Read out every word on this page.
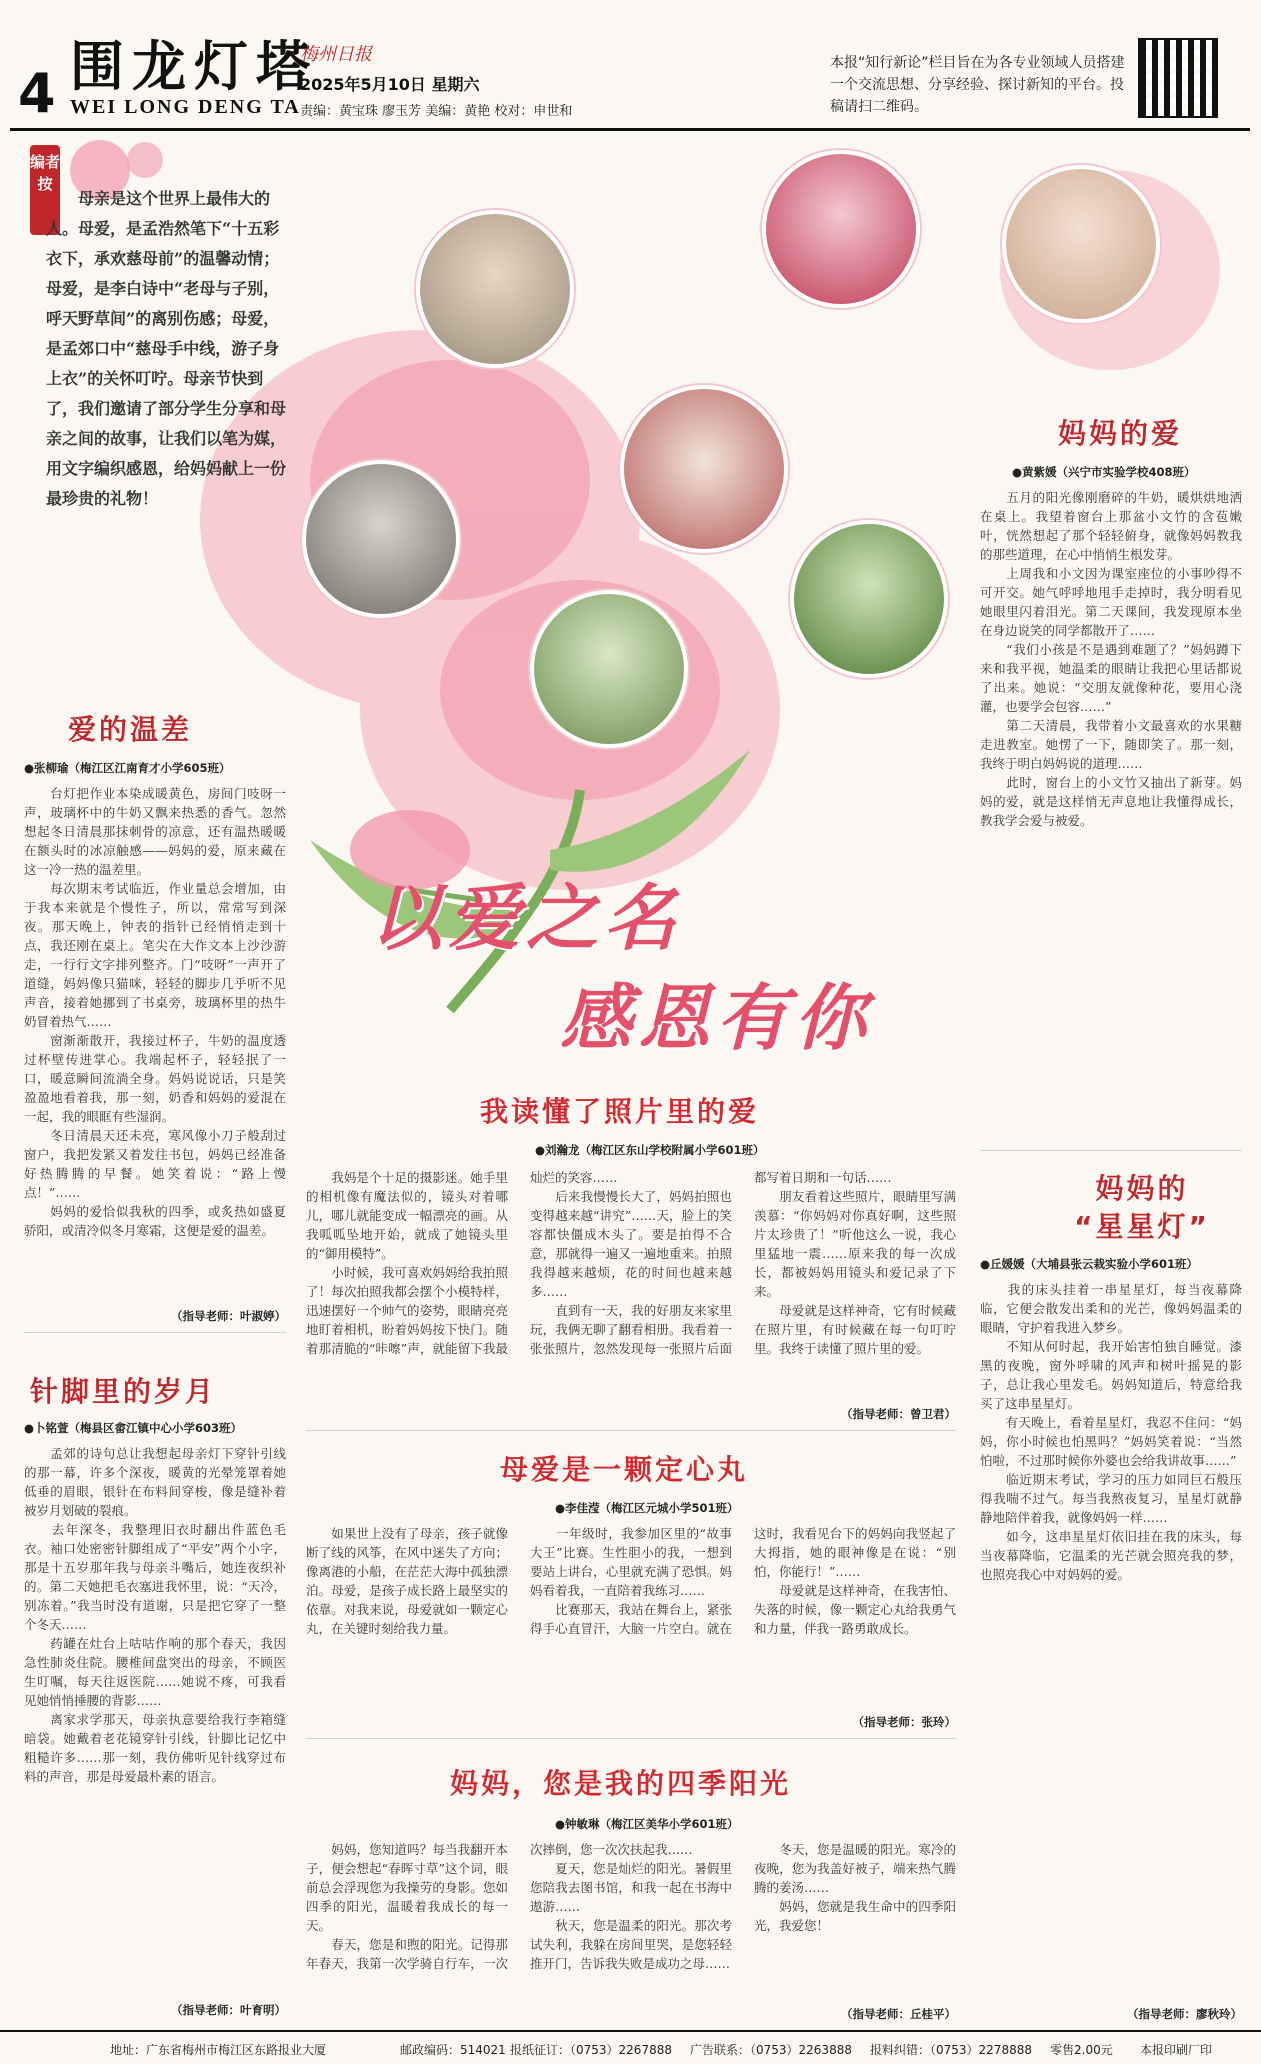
4 围龙灯塔
WEI LONG DENG TA
梅州日报
2025年5月10日 星期六
责编：黄宝珠 廖玉芳 美编：黄艳 校对：申世和
本报“知行新论”栏目旨在为各专业领域人员搭建一个交流思想、分享经验、探讨新知的平台。投稿请扫二维码。
编者按
母亲是这个世界上最伟大的人。母爱，是孟浩然笔下“十五彩衣下，承欢慈母前”的温馨动情；母爱，是李白诗中“老母与子别，呼天野草间”的离别伤感；母爱，是孟郊口中“慈母手中线，游子身上衣”的关怀叮咛。母亲节快到了，我们邀请了部分学生分享和母亲之间的故事，让我们以笔为媒，用文字编织感恩，给妈妈献上一份最珍贵的礼物！
以爱之名
感恩有你
爱的温差
●张柳瑜（梅江区江南育才小学605班）
　　台灯把作业本染成暖黄色，房间门吱呀一声，玻璃杯中的牛奶又飘来热悉的香气。忽然想起冬日清晨那抹刺骨的凉意，还有温热暖暖在额头时的冰凉触感——妈妈的爱，原来藏在这一冷一热的温差里。
　　每次期末考试临近，作业量总会增加，由于我本来就是个慢性子，所以，常常写到深夜。那天晚上，钟表的指针已经悄悄走到十点，我还刚在桌上。笔尖在大作文本上沙沙游走，一行行文字排列整齐。门“吱呀”一声开了道缝，妈妈像只猫咪，轻轻的脚步几乎听不见声音，接着她挪到了书桌旁，玻璃杯里的热牛奶冒着热气……
　　窗渐渐散开，我接过杯子，牛奶的温度透过杯壁传进掌心。我端起杯子，轻轻抿了一口，暖意瞬间流淌全身。妈妈说说话，只是笑盈盈地看着我，那一刻，奶香和妈妈的爱混在一起，我的眼眶有些湿润。
　　冬日清晨天还未亮，寒风像小刀子般刮过窗户，我把发紧又着发往书包，妈妈已经准备好热腾腾的早餐。她笑着说：“路上慢点！”……
　　妈妈的爱恰似我秋的四季，或炙热如盛夏骄阳，或清冷似冬月寒霜，这便是爱的温差。
（指导老师：叶淑婷）
针脚里的岁月
●卜铭萱（梅县区畲江镇中心小学603班）
　　孟郊的诗句总让我想起母亲灯下穿针引线的那一幕，许多个深夜，暖黄的光晕笼罩着她低垂的眉眼，银针在布料间穿梭，像是缝补着被岁月划破的裂痕。
　　去年深冬，我整理旧衣时翻出件蓝色毛衣。袖口处密密针脚组成了“平安”两个小字，那是十五岁那年我与母亲斗嘴后，她连夜织补的。第二天她把毛衣塞进我怀里，说：“天冷，别冻着。”我当时没有道谢，只是把它穿了一整个冬天……
　　药罐在灶台上咕咕作响的那个春天，我因急性肺炎住院。腰椎间盘突出的母亲，不顾医生叮嘱，每天往返医院……她说不疼，可我看见她悄悄捶腰的背影……
　　离家求学那天，母亲执意要给我行李箱缝暗袋。她戴着老花镜穿针引线，针脚比记忆中粗糙许多……那一刻，我仿佛听见针线穿过布料的声音，那是母爱最朴素的语言。
（指导老师：叶育明）
我读懂了照片里的爱
●刘瀚龙（梅江区东山学校附属小学601班）
　　我妈是个十足的摄影迷。她手里的相机像有魔法似的，镜头对着哪儿，哪儿就能变成一幅漂亮的画。从我呱呱坠地开始，就成了她镜头里的“御用模特”。
　　小时候，我可喜欢妈妈给我拍照了！每次拍照我都会摆个小模特样，迅速摆好一个帅气的姿势，眼睛亮亮地盯着相机，盼着妈妈按下快门。随着那清脆的“咔嚓”声，就能留下我最灿烂的笑容……
　　后来我慢慢长大了，妈妈拍照也变得越来越“讲究”……天，脸上的笑容都快僵成木头了。要是拍得不合意，那就得一遍又一遍地重来。拍照我得越来越烦，花的时间也越来越多……
　　直到有一天，我的好朋友来家里玩，我俩无聊了翻看相册。我看着一张张照片，忽然发现每一张照片后面都写着日期和一句话……
　　朋友看着这些照片，眼睛里写满羡慕：“你妈妈对你真好啊，这些照片太珍贵了！”听他这么一说，我心里猛地一震……原来我的每一次成长，都被妈妈用镜头和爱记录了下来。
　　母爱就是这样神奇，它有时候藏在照片里，有时候藏在每一句叮咛里。我终于读懂了照片里的爱。
（指导老师：曾卫君）
母爱是一颗定心丸
●李佳滢（梅江区元城小学501班）
　　如果世上没有了母亲，孩子就像断了线的风筝，在风中迷失了方向；像离港的小船，在茫茫大海中孤独漂泊。母爱，是孩子成长路上最坚实的依靠。对我来说，母爱就如一颗定心丸，在关键时刻给我力量。
　　一年级时，我参加区里的“故事大王”比赛。生性胆小的我，一想到要站上讲台，心里就充满了恐惧。妈妈看着我，一直陪着我练习……
　　比赛那天，我站在舞台上，紧张得手心直冒汗，大脑一片空白。就在这时，我看见台下的妈妈向我竖起了大拇指，她的眼神像是在说：“别怕，你能行！”……
　　母爱就是这样神奇，在我害怕、失落的时候，像一颗定心丸给我勇气和力量，伴我一路勇敢成长。
（指导老师：张玲）
妈妈，您是我的四季阳光
●钟敏琳（梅江区美华小学601班）
　　妈妈，您知道吗？每当我翻开本子，便会想起“春晖寸草”这个词，眼前总会浮现您为我操劳的身影。您如四季的阳光，温暖着我成长的每一天。
　　春天，您是和煦的阳光。记得那年春天，我第一次学骑自行车，一次次摔倒，您一次次扶起我……
　　夏天，您是灿烂的阳光。暑假里您陪我去图书馆，和我一起在书海中遨游……
　　秋天，您是温柔的阳光。那次考试失利，我躲在房间里哭，是您轻轻推开门，告诉我失败是成功之母……
　　冬天，您是温暖的阳光。寒冷的夜晚，您为我盖好被子，端来热气腾腾的姜汤……
　　妈妈，您就是我生命中的四季阳光，我爱您！
（指导老师：丘桂平）
妈妈的爱
●黄紫媛（兴宁市实验学校408班）
　　五月的阳光像刚磨碎的牛奶，暖烘烘地洒在桌上。我望着窗台上那盆小文竹的含苞嫩叶，恍然想起了那个轻轻俯身，就像妈妈教我的那些道理，在心中悄悄生根发芽。
　　上周我和小文因为课室座位的小事吵得不可开交。她气呼呼地甩手走掉时，我分明看见她眼里闪着泪光。第二天课间，我发现原本坐在身边说笑的同学都散开了……
　　“我们小孩是不是遇到难题了？”妈妈蹲下来和我平视，她温柔的眼睛让我把心里话都说了出来。她说：“交朋友就像种花，要用心浇灌，也要学会包容……”
　　第二天清晨，我带着小文最喜欢的水果糖走进教室。她愣了一下，随即笑了。那一刻，我终于明白妈妈说的道理……
　　此时，窗台上的小文竹又抽出了新芽。妈妈的爱，就是这样悄无声息地让我懂得成长，教我学会爱与被爱。
妈妈的
“星星灯”
●丘媛媛（大埔县张云栽实验小学601班）
　　我的床头挂着一串星星灯，每当夜幕降临，它便会散发出柔和的光芒，像妈妈温柔的眼睛，守护着我进入梦乡。
　　不知从何时起，我开始害怕独自睡觉。漆黑的夜晚，窗外呼啸的风声和树叶摇晃的影子，总让我心里发毛。妈妈知道后，特意给我买了这串星星灯。
　　有天晚上，看着星星灯，我忍不住问：“妈妈，你小时候也怕黑吗？”妈妈笑着说：“当然怕啦，不过那时候你外婆也会给我讲故事……”
　　临近期末考试，学习的压力如同巨石般压得我喘不过气。每当我熬夜复习，星星灯就静静地陪伴着我，就像妈妈一样……
　　如今，这串星星灯依旧挂在我的床头，每当夜幕降临，它温柔的光芒就会照亮我的梦，也照亮我心中对妈妈的爱。
（指导老师：廖秋玲）
地址：广东省梅州市梅江区东路报业大厦	邮政编码：514021 报纸征订：（0753）2267888 广告联系：（0753）2263888 报料纠错：（0753）2278888 零售2.00元 本报印刷厂印
